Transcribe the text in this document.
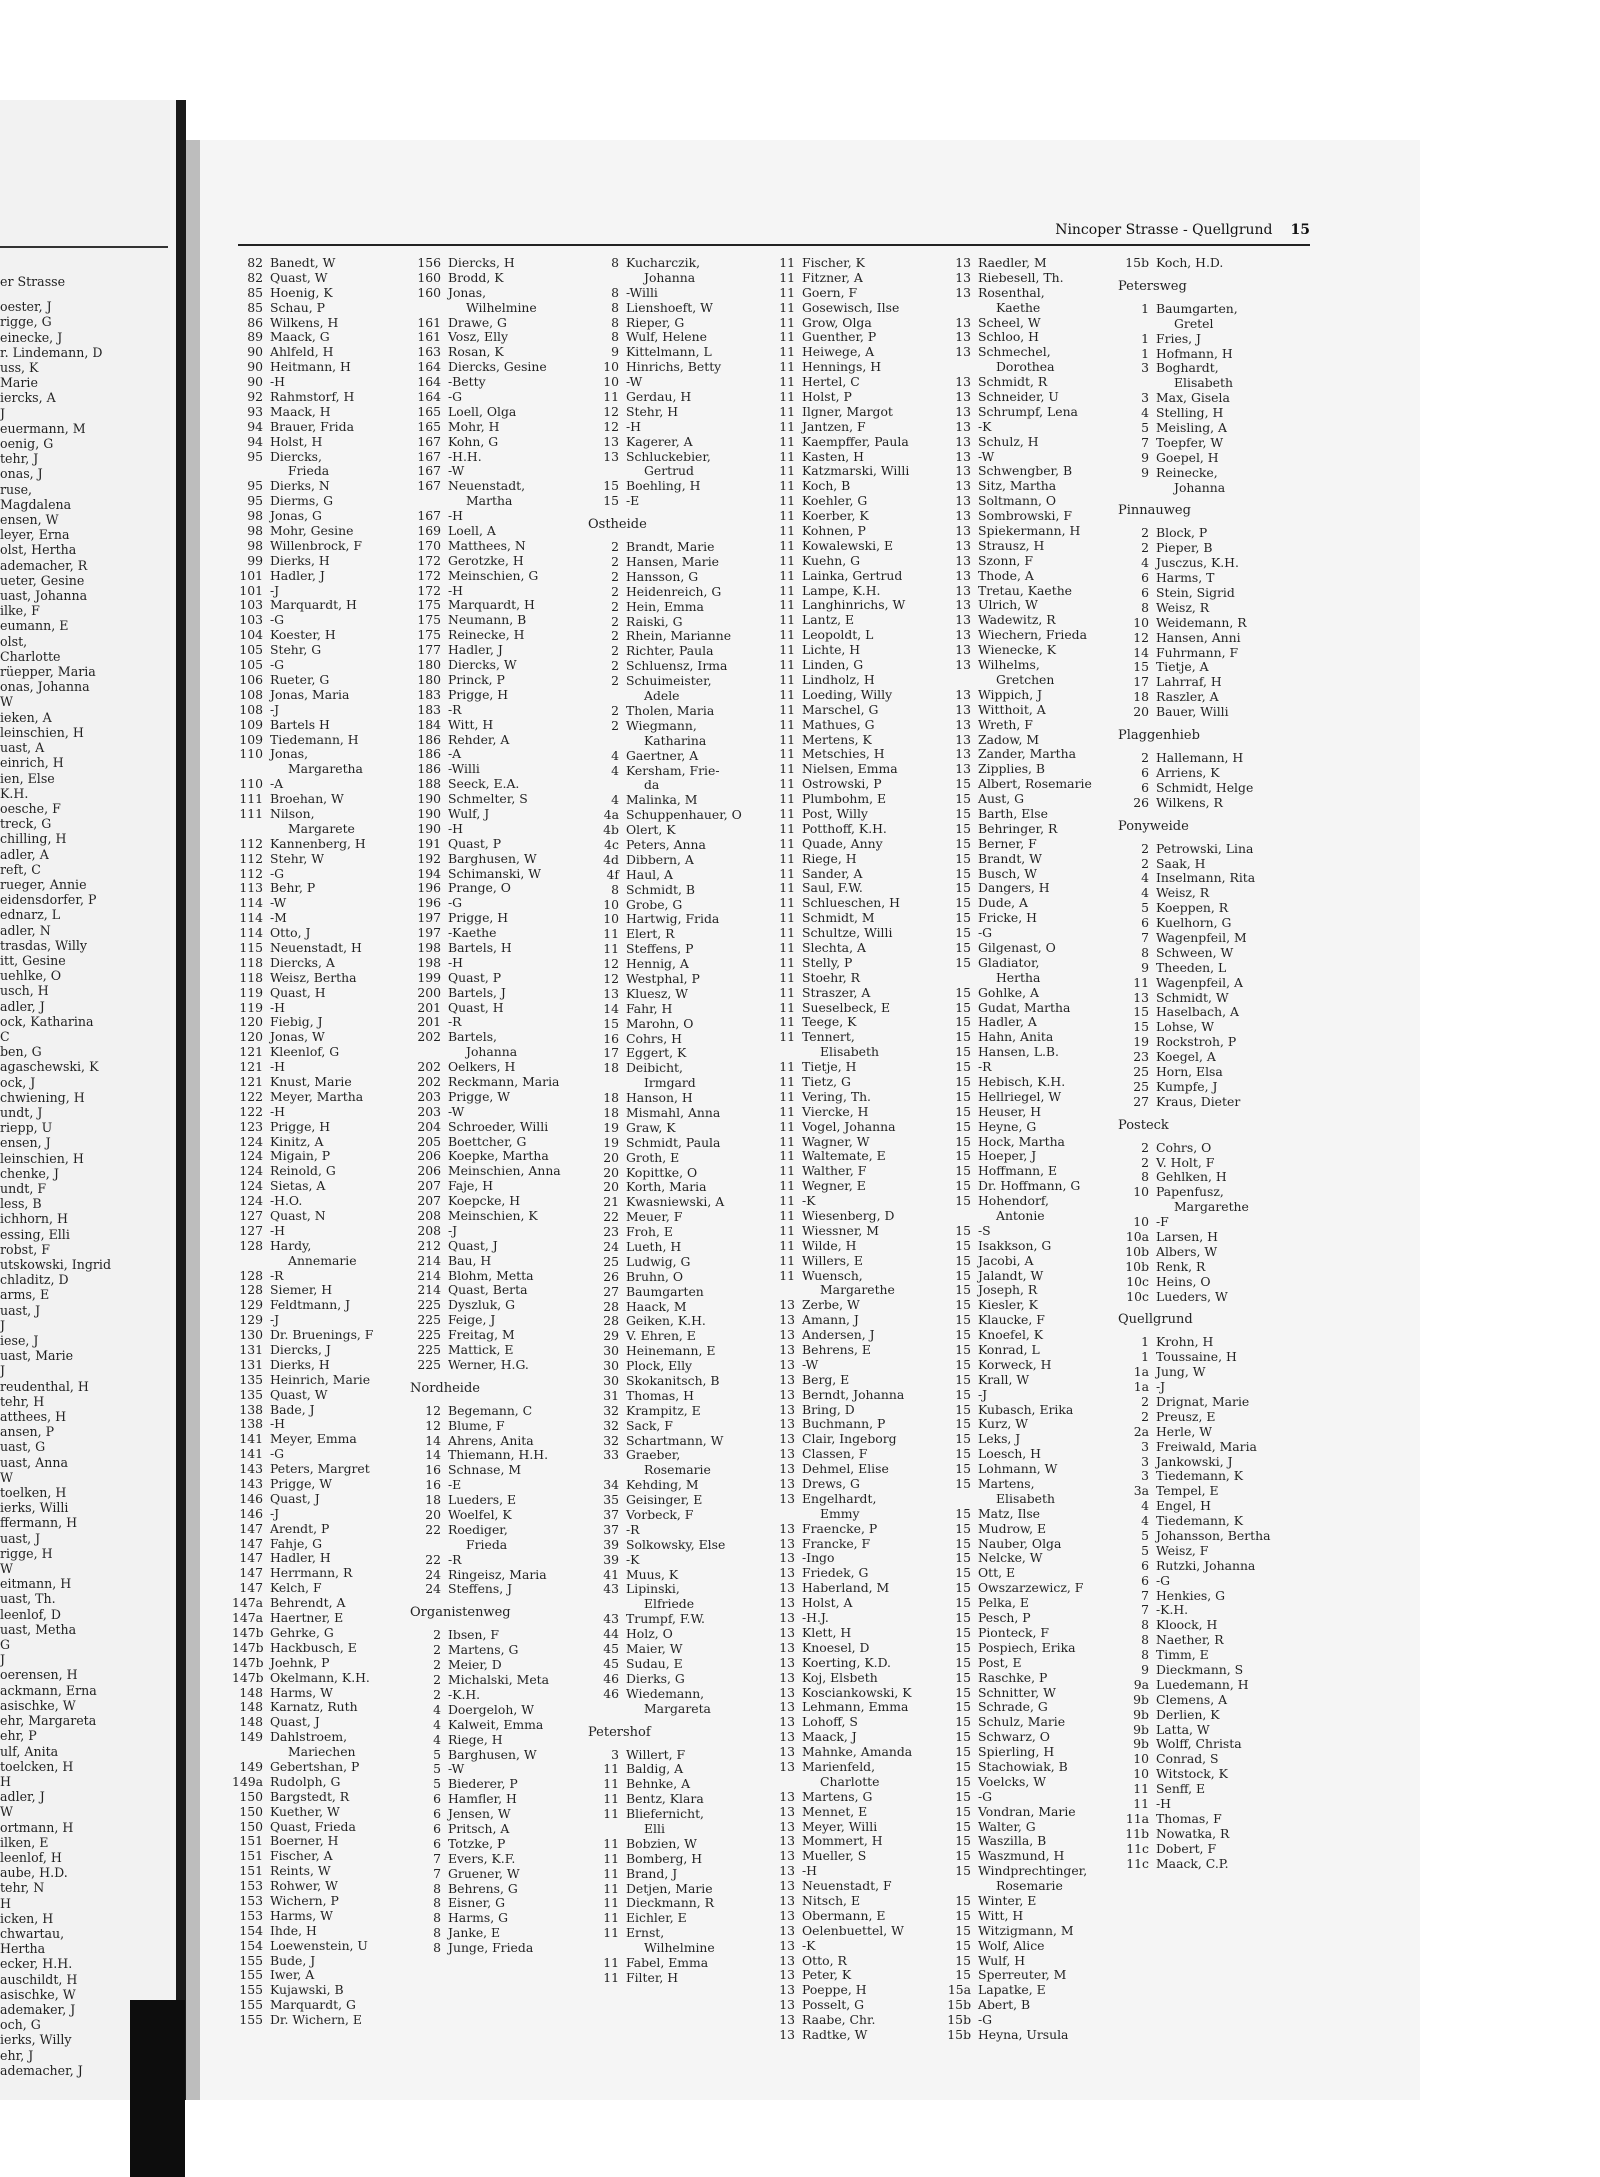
er Strasse
oester, J
rigge, G
einecke, J
r. Lindemann, D
uss, K
Marie
iercks, A
J
euermann, M
oenig, G
tehr, J
onas, J
ruse,
Magdalena
ensen, W
leyer, Erna
olst, Hertha
ademacher, R
ueter, Gesine
uast, Johanna
ilke, F
eumann, E
olst,
Charlotte
rüepper, Maria
onas, Johanna
W
ieken, A
leinschien, H
uast, A
einrich, H
ien, Else
K.H.
oesche, F
treck, G
chilling, H
adler, A
reft, C
rueger, Annie
eidensdorfer, P
ednarz, L
adler, N
trasdas, Willy
itt, Gesine
uehlke, O
usch, H
adler, J
ock, Katharina
C
ben, G
agaschewski, K
ock, J
chwiening, H
undt, J
riepp, U
ensen, J
leinschien, H
chenke, J
undt, F
less, B
ichhorn, H
essing, Elli
robst, F
utskowski, Ingrid
chladitz, D
arms, E
uast, J
J
iese, J
uast, Marie
J
reudenthal, H
tehr, H
atthees, H
ansen, P
uast, G
uast, Anna
W
toelken, H
ierks, Willi
ffermann, H
uast, J
rigge, H
W
eitmann, H
uast, Th.
leenlof, D
uast, Metha
G
J
oerensen, H
ackmann, Erna
asischke, W
ehr, Margareta
ehr, P
ulf, Anita
toelcken, H
H
adler, J
W
ortmann, H
ilken, E
leenlof, H
aube, H.D.
tehr, N
H
icken, H
chwartau,
Hertha
ecker, H.H.
auschildt, H
asischke, W
ademaker, J
och, G
ierks, Willy
ehr, J
ademacher, J
Nincoper Strasse - Quellgrund 15
82 Banedt, W
82 Quast, W
85 Hoenig, K
85 Schau, P
86 Wilkens, H
89 Maack, G
90 Ahlfeld, H
90 Heitmann, H
90 -H
92 Rahmstorf, H
93 Maack, H
94 Brauer, Frida
94 Holst, H
95 Diercks,
Frieda
95 Dierks, N
95 Dierms, G
98 Jonas, G
98 Mohr, Gesine
98 Willenbrock, F
99 Dierks, H
101 Hadler, J
101 -J
103 Marquardt, H
103 -G
104 Koester, H
105 Stehr, G
105 -G
106 Rueter, G
108 Jonas, Maria
108 -J
109 Bartels H
109 Tiedemann, H
110 Jonas,
Margaretha
110 -A
111 Broehan, W
111 Nilson,
Margarete
112 Kannenberg, H
112 Stehr, W
112 -G
113 Behr, P
114 -W
114 -M
114 Otto, J
115 Neuenstadt, H
118 Diercks, A
118 Weisz, Bertha
119 Quast, H
119 -H
120 Fiebig, J
120 Jonas, W
121 Kleenlof, G
121 -H
121 Knust, Marie
122 Meyer, Martha
122 -H
123 Prigge, H
124 Kinitz, A
124 Migain, P
124 Reinold, G
124 Sietas, A
124 -H.O.
127 Quast, N
127 -H
128 Hardy,
Annemarie
128 -R
128 Siemer, H
129 Feldtmann, J
129 -J
130 Dr. Bruenings, F
131 Diercks, J
131 Dierks, H
135 Heinrich, Marie
135 Quast, W
138 Bade, J
138 -H
141 Meyer, Emma
141 -G
143 Peters, Margret
143 Prigge, W
146 Quast, J
146 -J
147 Arendt, P
147 Fahje, G
147 Hadler, H
147 Herrmann, R
147 Kelch, F
147a Behrendt, A
147a Haertner, E
147b Gehrke, G
147b Hackbusch, E
147b Joehnk, P
147b Okelmann, K.H.
148 Harms, W
148 Karnatz, Ruth
148 Quast, J
149 Dahlstroem,
Mariechen
149 Gebertshan, P
149a Rudolph, G
150 Bargstedt, R
150 Kuether, W
150 Quast, Frieda
151 Boerner, H
151 Fischer, A
151 Reints, W
153 Rohwer, W
153 Wichern, P
153 Harms, W
154 Ihde, H
154 Loewenstein, U
155 Bude, J
155 Iwer, A
155 Kujawski, B
155 Marquardt, G
155 Dr. Wichern, E
156 Diercks, H
160 Brodd, K
160 Jonas,
Wilhelmine
161 Drawe, G
161 Vosz, Elly
163 Rosan, K
164 Diercks, Gesine
164 -Betty
164 -G
165 Loell, Olga
165 Mohr, H
167 Kohn, G
167 -H.H.
167 -W
167 Neuenstadt,
Martha
167 -H
169 Loell, A
170 Matthees, N
172 Gerotzke, H
172 Meinschien, G
172 -H
175 Marquardt, H
175 Neumann, B
175 Reinecke, H
177 Hadler, J
180 Diercks, W
180 Princk, P
183 Prigge, H
183 -R
184 Witt, H
186 Rehder, A
186 -A
186 -Willi
188 Seeck, E.A.
190 Schmelter, S
190 Wulf, J
190 -H
191 Quast, P
192 Barghusen, W
194 Schimanski, W
196 Prange, O
196 -G
197 Prigge, H
197 -Kaethe
198 Bartels, H
198 -H
199 Quast, P
200 Bartels, J
201 Quast, H
201 -R
202 Bartels,
Johanna
202 Oelkers, H
202 Reckmann, Maria
203 Prigge, W
203 -W
204 Schroeder, Willi
205 Boettcher, G
206 Koepke, Martha
206 Meinschien, Anna
207 Faje, H
207 Koepcke, H
208 Meinschien, K
208 -J
212 Quast, J
214 Bau, H
214 Blohm, Metta
214 Quast, Berta
225 Dyszluk, G
225 Feige, J
225 Freitag, M
225 Mattick, E
225 Werner, H.G.
Nordheide
12 Begemann, C
12 Blume, F
14 Ahrens, Anita
14 Thiemann, H.H.
16 Schnase, M
16 -E
18 Lueders, E
20 Woelfel, K
22 Roediger,
Frieda
22 -R
24 Ringeisz, Maria
24 Steffens, J
Organistenweg
2 Ibsen, F
2 Martens, G
2 Meier, D
2 Michalski, Meta
2 -K.H.
4 Doergeloh, W
4 Kalweit, Emma
4 Riege, H
5 Barghusen, W
5 -W
5 Biederer, P
6 Hamfler, H
6 Jensen, W
6 Pritsch, A
6 Totzke, P
7 Evers, K.F.
7 Gruener, W
8 Behrens, G
8 Eisner, G
8 Harms, G
8 Janke, E
8 Junge, Frieda
8 Kucharczik,
Johanna
8 -Willi
8 Lienshoeft, W
8 Rieper, G
8 Wulf, Helene
9 Kittelmann, L
10 Hinrichs, Betty
10 -W
11 Gerdau, H
12 Stehr, H
12 -H
13 Kagerer, A
13 Schluckebier,
Gertrud
15 Boehling, H
15 -E
Ostheide
2 Brandt, Marie
2 Hansen, Marie
2 Hansson, G
2 Heidenreich, G
2 Hein, Emma
2 Raiski, G
2 Rhein, Marianne
2 Richter, Paula
2 Schluensz, Irma
2 Schuimeister,
Adele
2 Tholen, Maria
2 Wiegmann,
Katharina
4 Gaertner, A
4 Kersham, Frie-
da
4 Malinka, M
4a Schuppenhauer, O
4b Olert, K
4c Peters, Anna
4d Dibbern, A
4f Haul, A
8 Schmidt, B
10 Grobe, G
10 Hartwig, Frida
11 Elert, R
11 Steffens, P
12 Hennig, A
12 Westphal, P
13 Kluesz, W
14 Fahr, H
15 Marohn, O
16 Cohrs, H
17 Eggert, K
18 Deibicht,
Irmgard
18 Hanson, H
18 Mismahl, Anna
19 Graw, K
19 Schmidt, Paula
20 Groth, E
20 Kopittke, O
20 Korth, Maria
21 Kwasniewski, A
22 Meuer, F
23 Froh, E
24 Lueth, H
25 Ludwig, G
26 Bruhn, O
27 Baumgarten
28 Haack, M
28 Geiken, K.H.
29 V. Ehren, E
30 Heinemann, E
30 Plock, Elly
30 Skokanitsch, B
31 Thomas, H
32 Krampitz, E
32 Sack, F
32 Schartmann, W
33 Graeber,
Rosemarie
34 Kehding, M
35 Geisinger, E
37 Vorbeck, F
37 -R
39 Solkowsky, Else
39 -K
41 Muus, K
43 Lipinski,
Elfriede
43 Trumpf, F.W.
44 Holz, O
45 Maier, W
45 Sudau, E
46 Dierks, G
46 Wiedemann,
Margareta
Petershof
3 Willert, F
11 Baldig, A
11 Behnke, A
11 Bentz, Klara
11 Bliefernicht,
Elli
11 Bobzien, W
11 Bomberg, H
11 Brand, J
11 Detjen, Marie
11 Dieckmann, R
11 Eichler, E
11 Ernst,
Wilhelmine
11 Fabel, Emma
11 Filter, H
11 Fischer, K
11 Fitzner, A
11 Goern, F
11 Gosewisch, Ilse
11 Grow, Olga
11 Guenther, P
11 Heiwege, A
11 Hennings, H
11 Hertel, C
11 Holst, P
11 Ilgner, Margot
11 Jantzen, F
11 Kaempffer, Paula
11 Kasten, H
11 Katzmarski, Willi
11 Koch, B
11 Koehler, G
11 Koerber, K
11 Kohnen, P
11 Kowalewski, E
11 Kuehn, G
11 Lainka, Gertrud
11 Lampe, K.H.
11 Langhinrichs, W
11 Lantz, E
11 Leopoldt, L
11 Lichte, H
11 Linden, G
11 Lindholz, H
11 Loeding, Willy
11 Marschel, G
11 Mathues, G
11 Mertens, K
11 Metschies, H
11 Nielsen, Emma
11 Ostrowski, P
11 Plumbohm, E
11 Post, Willy
11 Potthoff, K.H.
11 Quade, Anny
11 Riege, H
11 Sander, A
11 Saul, F.W.
11 Schlueschen, H
11 Schmidt, M
11 Schultze, Willi
11 Slechta, A
11 Stelly, P
11 Stoehr, R
11 Straszer, A
11 Sueselbeck, E
11 Teege, K
11 Tennert,
Elisabeth
11 Tietje, H
11 Tietz, G
11 Vering, Th.
11 Viercke, H
11 Vogel, Johanna
11 Wagner, W
11 Waltemate, E
11 Walther, F
11 Wegner, E
11 -K
11 Wiesenberg, D
11 Wiessner, M
11 Wilde, H
11 Willers, E
11 Wuensch,
Margarethe
13 Zerbe, W
13 Amann, J
13 Andersen, J
13 Behrens, E
13 -W
13 Berg, E
13 Berndt, Johanna
13 Bring, D
13 Buchmann, P
13 Clair, Ingeborg
13 Classen, F
13 Dehmel, Elise
13 Drews, G
13 Engelhardt,
Emmy
13 Fraencke, P
13 Francke, F
13 -Ingo
13 Friedek, G
13 Haberland, M
13 Holst, A
13 -H.J.
13 Klett, H
13 Knoesel, D
13 Koerting, K.D.
13 Koj, Elsbeth
13 Kosciankowski, K
13 Lehmann, Emma
13 Lohoff, S
13 Maack, J
13 Mahnke, Amanda
13 Marienfeld,
Charlotte
13 Martens, G
13 Mennet, E
13 Meyer, Willi
13 Mommert, H
13 Mueller, S
13 -H
13 Neuenstadt, F
13 Nitsch, E
13 Obermann, E
13 Oelenbuettel, W
13 -K
13 Otto, R
13 Peter, K
13 Poeppe, H
13 Posselt, G
13 Raabe, Chr.
13 Radtke, W
13 Raedler, M
13 Riebesell, Th.
13 Rosenthal,
Kaethe
13 Scheel, W
13 Schloo, H
13 Schmechel,
Dorothea
13 Schmidt, R
13 Schneider, U
13 Schrumpf, Lena
13 -K
13 Schulz, H
13 -W
13 Schwengber, B
13 Sitz, Martha
13 Soltmann, O
13 Sombrowski, F
13 Spiekermann, H
13 Strausz, H
13 Szonn, F
13 Thode, A
13 Tretau, Kaethe
13 Ulrich, W
13 Wadewitz, R
13 Wiechern, Frieda
13 Wienecke, K
13 Wilhelms,
Gretchen
13 Wippich, J
13 Witthoit, A
13 Wreth, F
13 Zadow, M
13 Zander, Martha
13 Zipplies, B
15 Albert, Rosemarie
15 Aust, G
15 Barth, Else
15 Behringer, R
15 Berner, F
15 Brandt, W
15 Busch, W
15 Dangers, H
15 Dude, A
15 Fricke, H
15 -G
15 Gilgenast, O
15 Gladiator,
Hertha
15 Gohlke, A
15 Gudat, Martha
15 Hadler, A
15 Hahn, Anita
15 Hansen, L.B.
15 -R
15 Hebisch, K.H.
15 Hellriegel, W
15 Heuser, H
15 Heyne, G
15 Hock, Martha
15 Hoeper, J
15 Hoffmann, E
15 Dr. Hoffmann, G
15 Hohendorf,
Antonie
15 -S
15 Isakkson, G
15 Jacobi, A
15 Jalandt, W
15 Joseph, R
15 Kiesler, K
15 Klaucke, F
15 Knoefel, K
15 Konrad, L
15 Korweck, H
15 Krall, W
15 -J
15 Kubasch, Erika
15 Kurz, W
15 Leks, J
15 Loesch, H
15 Lohmann, W
15 Martens,
Elisabeth
15 Matz, Ilse
15 Mudrow, E
15 Nauber, Olga
15 Nelcke, W
15 Ott, E
15 Owszarzewicz, F
15 Pelka, E
15 Pesch, P
15 Pionteck, F
15 Pospiech, Erika
15 Post, E
15 Raschke, P
15 Schnitter, W
15 Schrade, G
15 Schulz, Marie
15 Schwarz, O
15 Spierling, H
15 Stachowiak, B
15 Voelcks, W
15 -G
15 Vondran, Marie
15 Walter, G
15 Waszilla, B
15 Waszmund, H
15 Windprechtinger,
Rosemarie
15 Winter, E
15 Witt, H
15 Witzigmann, M
15 Wolf, Alice
15 Wulf, H
15 Sperreuter, M
15a Lapatke, E
15b Abert, B
15b -G
15b Heyna, Ursula
15b Koch, H.D.
Petersweg
1 Baumgarten,
Gretel
1 Fries, J
1 Hofmann, H
3 Boghardt,
Elisabeth
3 Max, Gisela
4 Stelling, H
5 Meisling, A
7 Toepfer, W
9 Goepel, H
9 Reinecke,
Johanna
Pinnauweg
2 Block, P
2 Pieper, B
4 Jusczus, K.H.
6 Harms, T
6 Stein, Sigrid
8 Weisz, R
10 Weidemann, R
12 Hansen, Anni
14 Fuhrmann, F
15 Tietje, A
17 Lahrraf, H
18 Raszler, A
20 Bauer, Willi
Plaggenhieb
2 Hallemann, H
6 Arriens, K
6 Schmidt, Helge
26 Wilkens, R
Ponyweide
2 Petrowski, Lina
2 Saak, H
4 Inselmann, Rita
4 Weisz, R
5 Koeppen, R
6 Kuelhorn, G
7 Wagenpfeil, M
8 Schween, W
9 Theeden, L
11 Wagenpfeil, A
13 Schmidt, W
15 Haselbach, A
15 Lohse, W
19 Rockstroh, P
23 Koegel, A
25 Horn, Elsa
25 Kumpfe, J
27 Kraus, Dieter
Posteck
2 Cohrs, O
2 V. Holt, F
8 Gehlken, H
10 Papenfusz,
Margarethe
10 -F
10a Larsen, H
10b Albers, W
10b Renk, R
10c Heins, O
10c Lueders, W
Quellgrund
1 Krohn, H
1 Toussaine, H
1a Jung, W
1a -J
2 Drignat, Marie
2 Preusz, E
2a Herle, W
3 Freiwald, Maria
3 Jankowski, J
3 Tiedemann, K
3a Tempel, E
4 Engel, H
4 Tiedemann, K
5 Johansson, Bertha
5 Weisz, F
6 Rutzki, Johanna
6 -G
7 Henkies, G
7 -K.H.
8 Kloock, H
8 Naether, R
8 Timm, E
9 Dieckmann, S
9a Luedemann, H
9b Clemens, A
9b Derlien, K
9b Latta, W
9b Wolff, Christa
10 Conrad, S
10 Witstock, K
11 Senff, E
11 -H
11a Thomas, F
11b Nowatka, R
11c Dobert, F
11c Maack, C.P.
